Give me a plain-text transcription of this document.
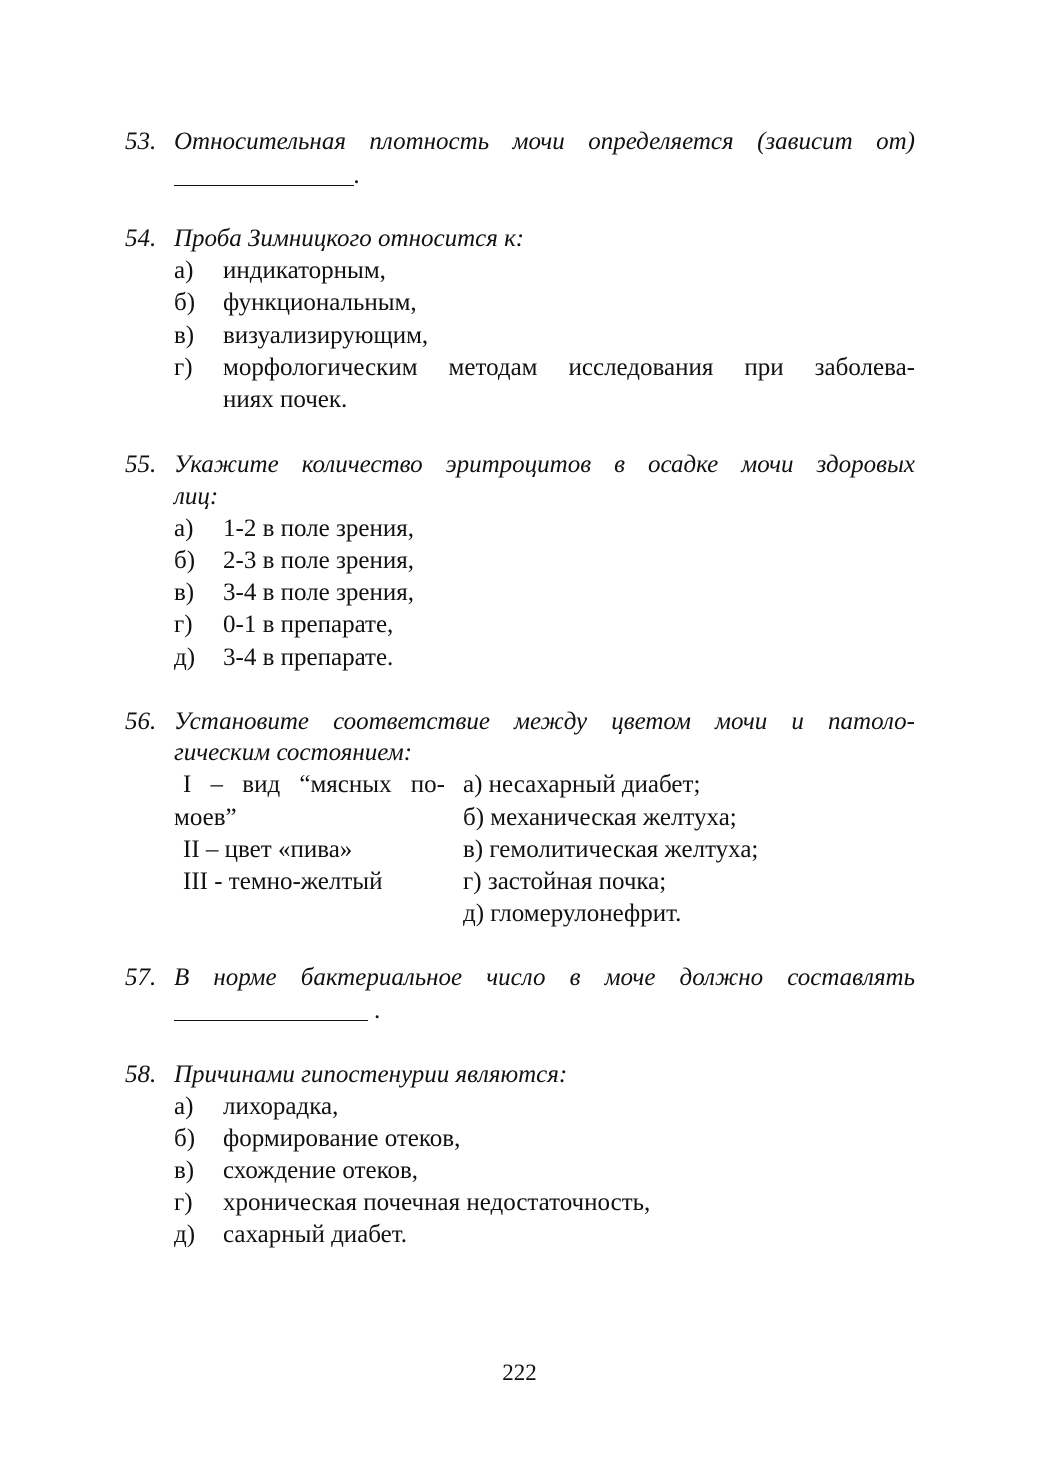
53. Относительная плотность мочи определяется (зависит от)
.
54. Проба Зимницкого относится к:
а) индикаторным,
б) функциональным,
в) визуализирующим,
г) морфологическим методам исследования при заболева-
ниях почек.
55. Укажите количество эритроцитов в осадке мочи здоровых
лиц:
а) 1-2 в поле зрения,
б) 2-3 в поле зрения,
в) 3-4 в поле зрения,
г) 0-1 в препарате,
д) 3-4 в препарате.
56. Установите соответствие между цветом мочи и патоло-
гическим состоянием:
I – вид “мясных по-
моев”
II – цвет «пива»
III - темно-желтый
а) несахарный диабет;
б) механическая желтуха;
в) гемолитическая желтуха;
г) застойная почка;
д) гломерулонефрит.
57. В норме бактериальное число в моче должно составлять
.
58. Причинами гипостенурии являются:
а) лихорадка,
б) формирование отеков,
в) схождение отеков,
г) хроническая почечная недостаточность,
д) сахарный диабет.
222
